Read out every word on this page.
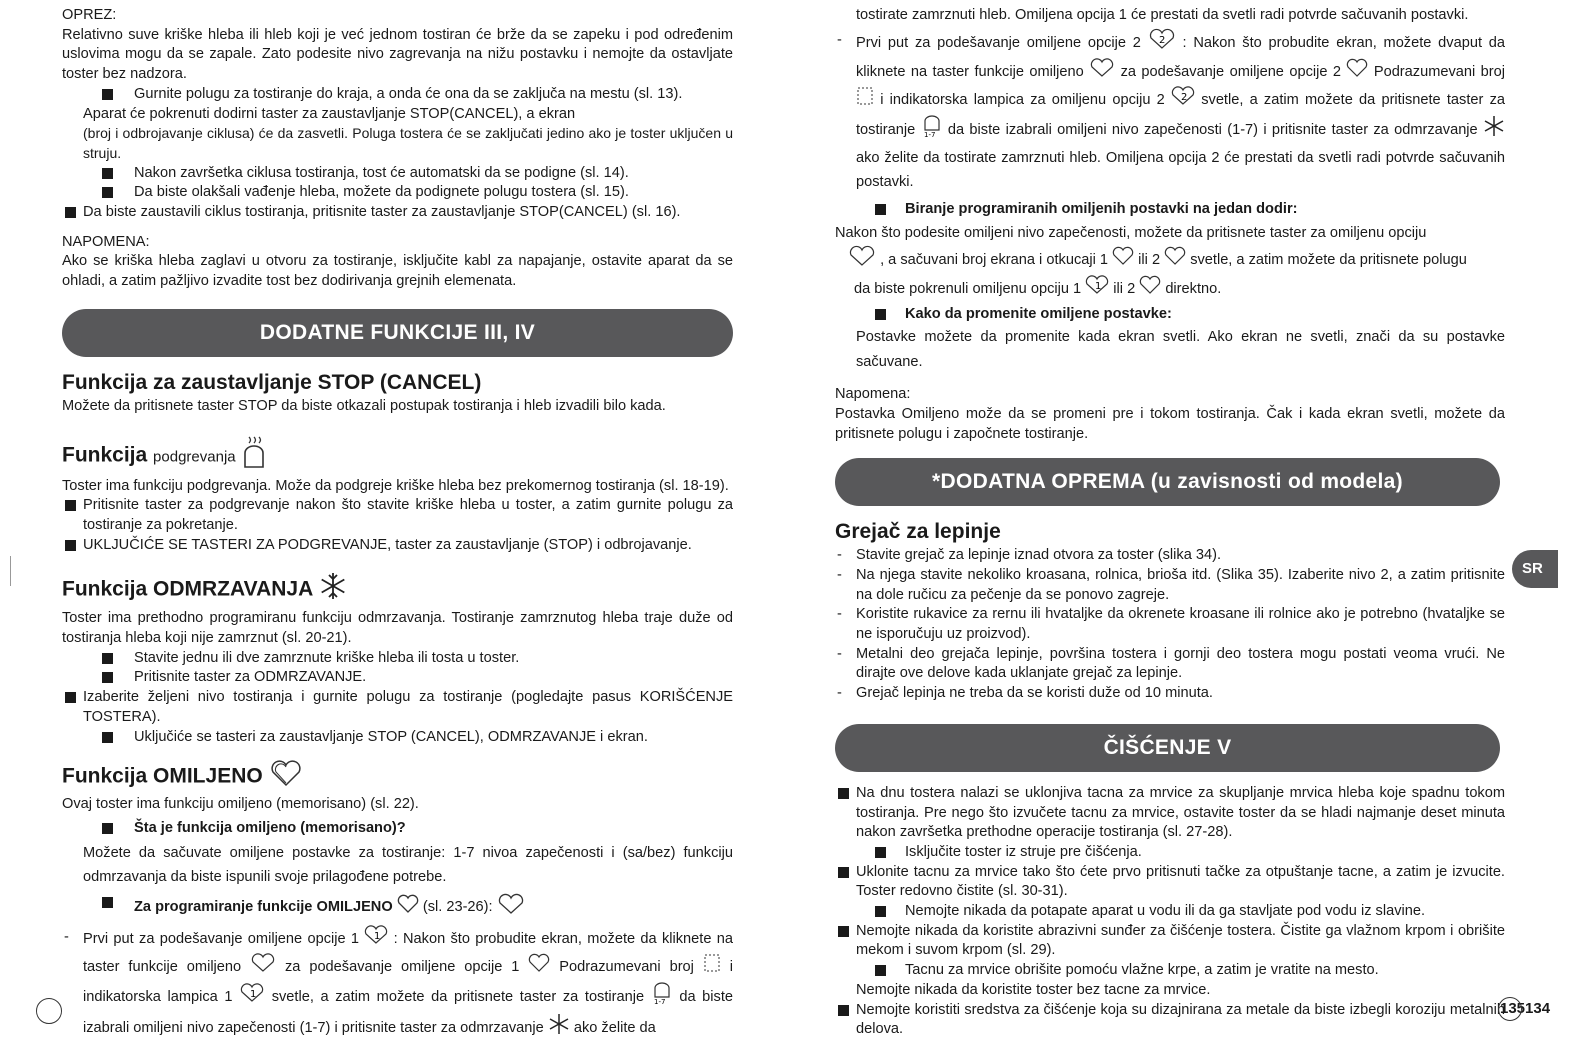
OPREZ:

Relativno suve kriške hleba ili hleb koji je već jednom tostiran će brže da se zapeku i pod određenim uslovima mogu da se zapale. Zato podesite nivo zagrevanja na nižu postavku i nemojte da ostavljate toster bez nadzora.

Gurnite polugu za tostiranje do kraja, a onda će ona da se zaključa na mestu (sl. 13).

Aparat će pokrenuti dodirni taster za zaustavljanje STOP(CANCEL), a ekran

(broj i odbrojavanje ciklusa) će da zasvetli. Poluga tostera će se zaključati jedino ako je toster uključen u struju.

Nakon završetka ciklusa tostiranja, tost će automatski da se podigne (sl. 14).

Da biste olakšali vađenje hleba, možete da podignete polugu tostera (sl. 15).

Da biste zaustavili ciklus tostiranja, pritisnite taster za zaustavljanje STOP(CANCEL) (sl. 16).

NAPOMENA:

Ako se kriška hleba zaglavi u otvoru za tostiranje, isključite kabl za napajanje, ostavite aparat da se ohladi, a zatim pažljivo izvadite tost bez dodirivanja grejnih elemenata.

DODATNE FUNKCIJE III, IV
Funkcija za zaustavljanje STOP (CANCEL)

Možete da pritisnete taster STOP da biste otkazali postupak tostiranja i hleb izvadili bilo kada.

Funkcija podgrevanja

Toster ima funkciju podgrevanja. Može da podgreje kriške hleba bez prekomernog tostiranja (sl. 18-19).

Pritisnite taster za podgrevanje nakon što stavite kriške hleba u toster, a zatim gurnite polugu za tostiranje za pokretanje.

UKLJUČIĆE SE TASTERI ZA PODGREVANJE, taster za zaustavljanje (STOP) i odbrojavanje.

Funkcija ODMRZAVANJA

Toster ima prethodno programiranu funkciju odmrzavanja. Tostiranje zamrznutog hleba traje duže od tostiranja hleba koji nije zamrznut (sl. 20-21).

Stavite jednu ili dve zamrznute kriške hleba ili tosta u toster.

Pritisnite taster za ODMRZAVANJE.

Izaberite željeni nivo tostiranja i gurnite polugu za tostiranje (pogledajte pasus KORIŠĆENJE TOSTERA).

Uključiće se tasteri za zaustavljanje STOP (CANCEL), ODMRZAVANJE i ekran.

Funkcija OMILJENO

Ovaj toster ima funkciju omiljeno (memorisano) (sl. 22).

Šta je funkcija omiljeno (memorisano)?

Možete da sačuvate omiljene postavke za tostiranje: 1-7 nivoa zapečenosti i (sa/bez) funkciju odmrzavanja da biste ispunili svoje prilagođene potrebe.

Za programiranje funkcije OMILJENO (sl. 23-26):

- Prvi put za podešavanje omiljene opcije 1 1 : Nakon što probudite ekran, možete da kliknete na taster funkcije omiljeno	za podešavanje omiljene opcije 1	Podrazumevani broj i indikatorska lampica 1 1 svetle, a zatim možete da pritisnete taster za tostiranje 1-7 da biste izabrali omiljeni nivo zapečenosti (1-7) i pritisnite taster za odmrzavanje ako želite da

tostirate zamrznuti hleb. Omiljena opcija 1 će prestati da svetli radi potvrde sačuvanih postavki.

- Prvi put za podešavanje omiljene opcije 2 2 : Nakon što probudite ekran, možete dvaput da kliknete na taster funkcije omiljeno	za podešavanje omiljene opcije 2 Podrazumevani broj  i indikatorska lampica za omiljenu opciju 2 2 svetle, a zatim možete da pritisnete taster za tostiranje 1-7 da biste izabrali omiljeni nivo zapečenosti (1-7) i pritisnite taster za odmrzavanje  ako želite da tostirate zamrznuti hleb. Omiljena opcija 2 će prestati da svetli radi potvrde sačuvanih postavki.

Biranje programiranih omiljenih postavki na jedan dodir:

Nakon što podesite omiljeni nivo zapečenosti, možete da pritisnete taster za omiljenu opciju
, a sačuvani broj ekrana i otkucaji 1 ili 2 svetle, a zatim možete da pritisnete polugu
da biste pokrenuli omiljenu opciju 1 1 ili 2 direktno.

Kako da promenite omiljene postavke:

Postavke možete da promenite kada ekran svetli. Ako ekran ne svetli, znači da su postavke sačuvane.

Napomena:

Postavka Omiljeno može da se promeni pre i tokom tostiranja. Čak i kada ekran svetli, možete da pritisnete polugu i započnete tostiranje.

*DODATNA OPREMA (u zavisnosti od modela)
Grejač za lepinje

- Stavite grejač za lepinje iznad otvora za toster (slika 34).

- Na njega stavite nekoliko kroasana, rolnica, brioša itd. (Slika 35). Izaberite nivo 2, a zatim pritisnite na dole ručicu za pečenje da se ponovo zagreje.

- Koristite rukavice za rernu ili hvataljke da okrenete kroasane ili rolnice ako je potrebno (hvataljke se ne isporučuju uz proizvod).

- Metalni deo grejača lepinje, površina tostera i gornji deo tostera mogu postati veoma vrući. Ne dirajte ove delove kada uklanjate grejač za lepinje.

- Grejač lepinja ne treba da se koristi duže od 10 minuta.

ČIŠĆENJE V

Na dnu tostera nalazi se uklonjiva tacna za mrvice za skupljanje mrvica hleba koje spadnu tokom tostiranja. Pre nego što izvučete tacnu za mrvice, ostavite toster da se hladi najmanje deset minuta nakon završetka prethodne operacije tostiranja (sl. 27-28).

Isključite toster iz struje pre čišćenja.

Uklonite tacnu za mrvice tako što ćete prvo pritisnuti tačke za otpuštanje tacne, a zatim je izvucite. Toster redovno čistite (sl. 30-31).

Nemojte nikada da potapate aparat u vodu ili da ga stavljate pod vodu iz slavine.

Nemojte nikada da koristite abrazivni sunđer za čišćenje tostera. Čistite ga vlažnom krpom i obrišite mekom i suvom krpom (sl. 29).

Tacnu za mrvice obrišite pomoću vlažne krpe, a zatim je vratite na mesto.

Nemojte nikada da koristite toster bez tacne za mrvice.

Nemojte koristiti sredstva za čišćenje koja su dizajnirana za metale da biste izbegli koroziju metalnih delova.

SR
135134
